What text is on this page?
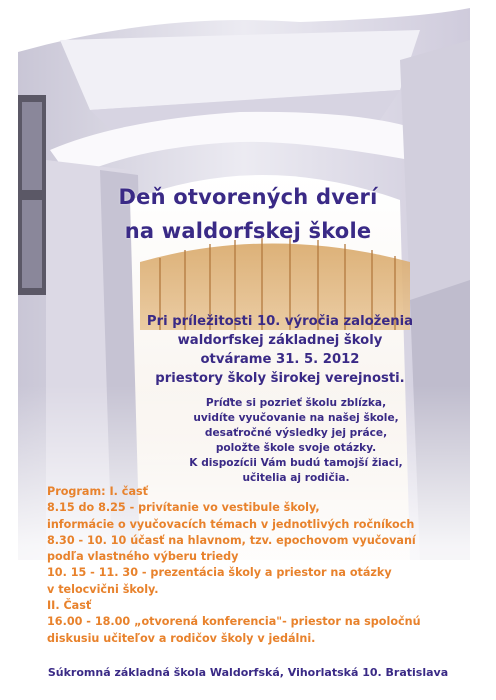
Deň otvorených dverí
na waldorfskej škole
Pri príležitosti 10. výročia založenia
waldorfskej základnej školy
otvárame 31. 5. 2012
priestory školy širokej verejnosti.
Príďte si pozrieť školu zblízka,
uvidíte vyučovanie na našej škole,
desaťročné výsledky jej práce,
položte škole svoje otázky.
K dispozícii Vám budú tamojší žiaci,
učitelia aj rodičia.
Program: I. časť
8.15 do 8.25 - privítanie vo vestibule školy,
informácie o vyučovacích témach v jednotlivých ročníkoch
8.30 - 10. 10 účasť na hlavnom, tzv. epochovom vyučovaní
podľa vlastného výberu triedy
10. 15 - 11. 30 - prezentácia školy a priestor na otázky
v telocvični školy.
II. Časť
16.00 - 18.00 „otvorená konferencia"- priestor na spoločnú
diskusiu učiteľov a rodičov školy v jedálni.
Súkromná základná škola Waldorfská, Vihorlatská 10. Bratislava
